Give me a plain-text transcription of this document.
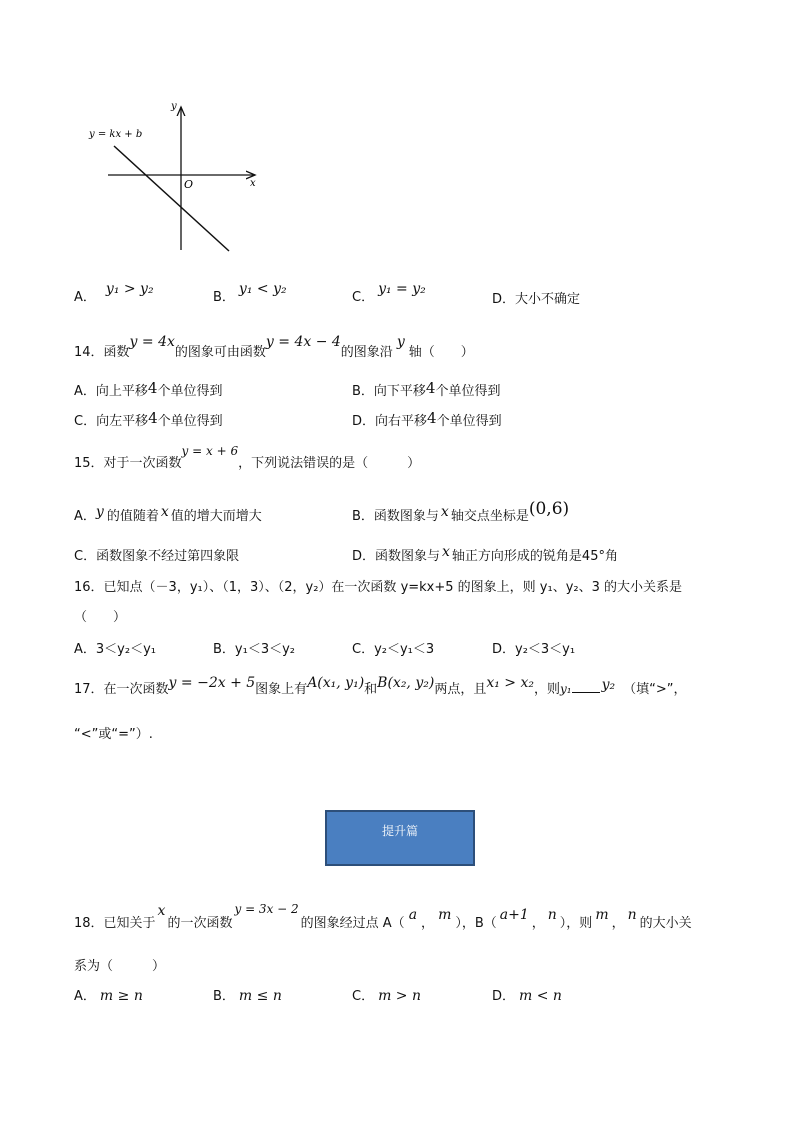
y = kx + b
x
y
O
A．y₁ > y₂
B．y₁ < y₂
C．y₁ = y₂
D．大小不确定
14．函数y = 4x的图象可由函数y = 4x − 4的图象沿y轴（　　）
A．向上平移4个单位得到	B．向下平移4个单位得到
C．向左平移4个单位得到	D．向右平移4个单位得到
15．对于一次函数y = x + 6，下列说法错误的是（　　　）
A．y 的值随着 x 值的增大而增大	B．函数图象与 x 轴交点坐标是(0,6)
C．函数图象不经过第四象限	D．函数图象与 x 轴正方向形成的锐角是45°角
16．已知点（－3，y₁）、（1，3）、（2，y₂）在一次函数 y=kx+5 的图象上，则 y₁、y₂、3 的大小关系是
（　　）
A．3＜y₂＜y₁	B．y₁＜3＜y₂	C．y₂＜y₁＜3	D．y₂＜3＜y₁
17．在一次函数y = −2x + 5图象上有A(x₁, y₁)和B(x₂, y₂)两点，且x₁ > x₂，则y₁ y₂ （填“>”，
“<”或“=”）.
提升篇
18．已知关于x的一次函数y = 3x − 2的图象经过点 A（a，m），B（a+1，n），则m，n的大小关
系为（　　　）
A． m ≥ n	B． m ≤ n	C． m > n	D． m < n
